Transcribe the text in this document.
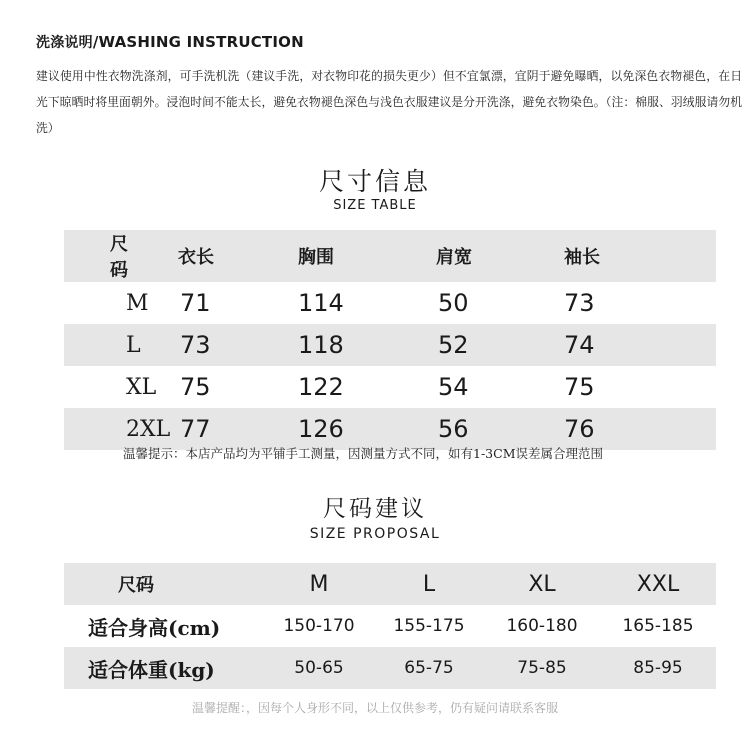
洗涤说明/WASHING INSTRUCTION
建议使用中性衣物洗涤剂，可手洗机洗（建议手洗，对衣物印花的损失更少）但不宜氯漂，宜阴于避免曝晒，以免深色衣物褪色，在日光下晾晒时将里面朝外。浸泡时间不能太长，避免衣物褪色深色与浅色衣服建议是分开洗涤，避免衣物染色。（注：棉服、羽绒服请勿机洗）
尺寸信息
SIZE TABLE
尺码	衣长	胸围	肩宽	袖长
M	71	114	50	73
L	73	118	52	74
XL	75	122	54	75
2XL	77	126	56	76
温馨提示：本店产品均为平铺手工测量，因测量方式不同，如有1-3CM误差属合理范围
尺码建议
SIZE PROPOSAL
尺码	M	L	XL	XXL
适合身高(cm)	150-170	155-175	160-180	165-185
适合体重(kg)	50-65	65-75	75-85	85-95
温馨提醒：，因每个人身形不同，以上仅供参考，仍有疑问请联系客服
